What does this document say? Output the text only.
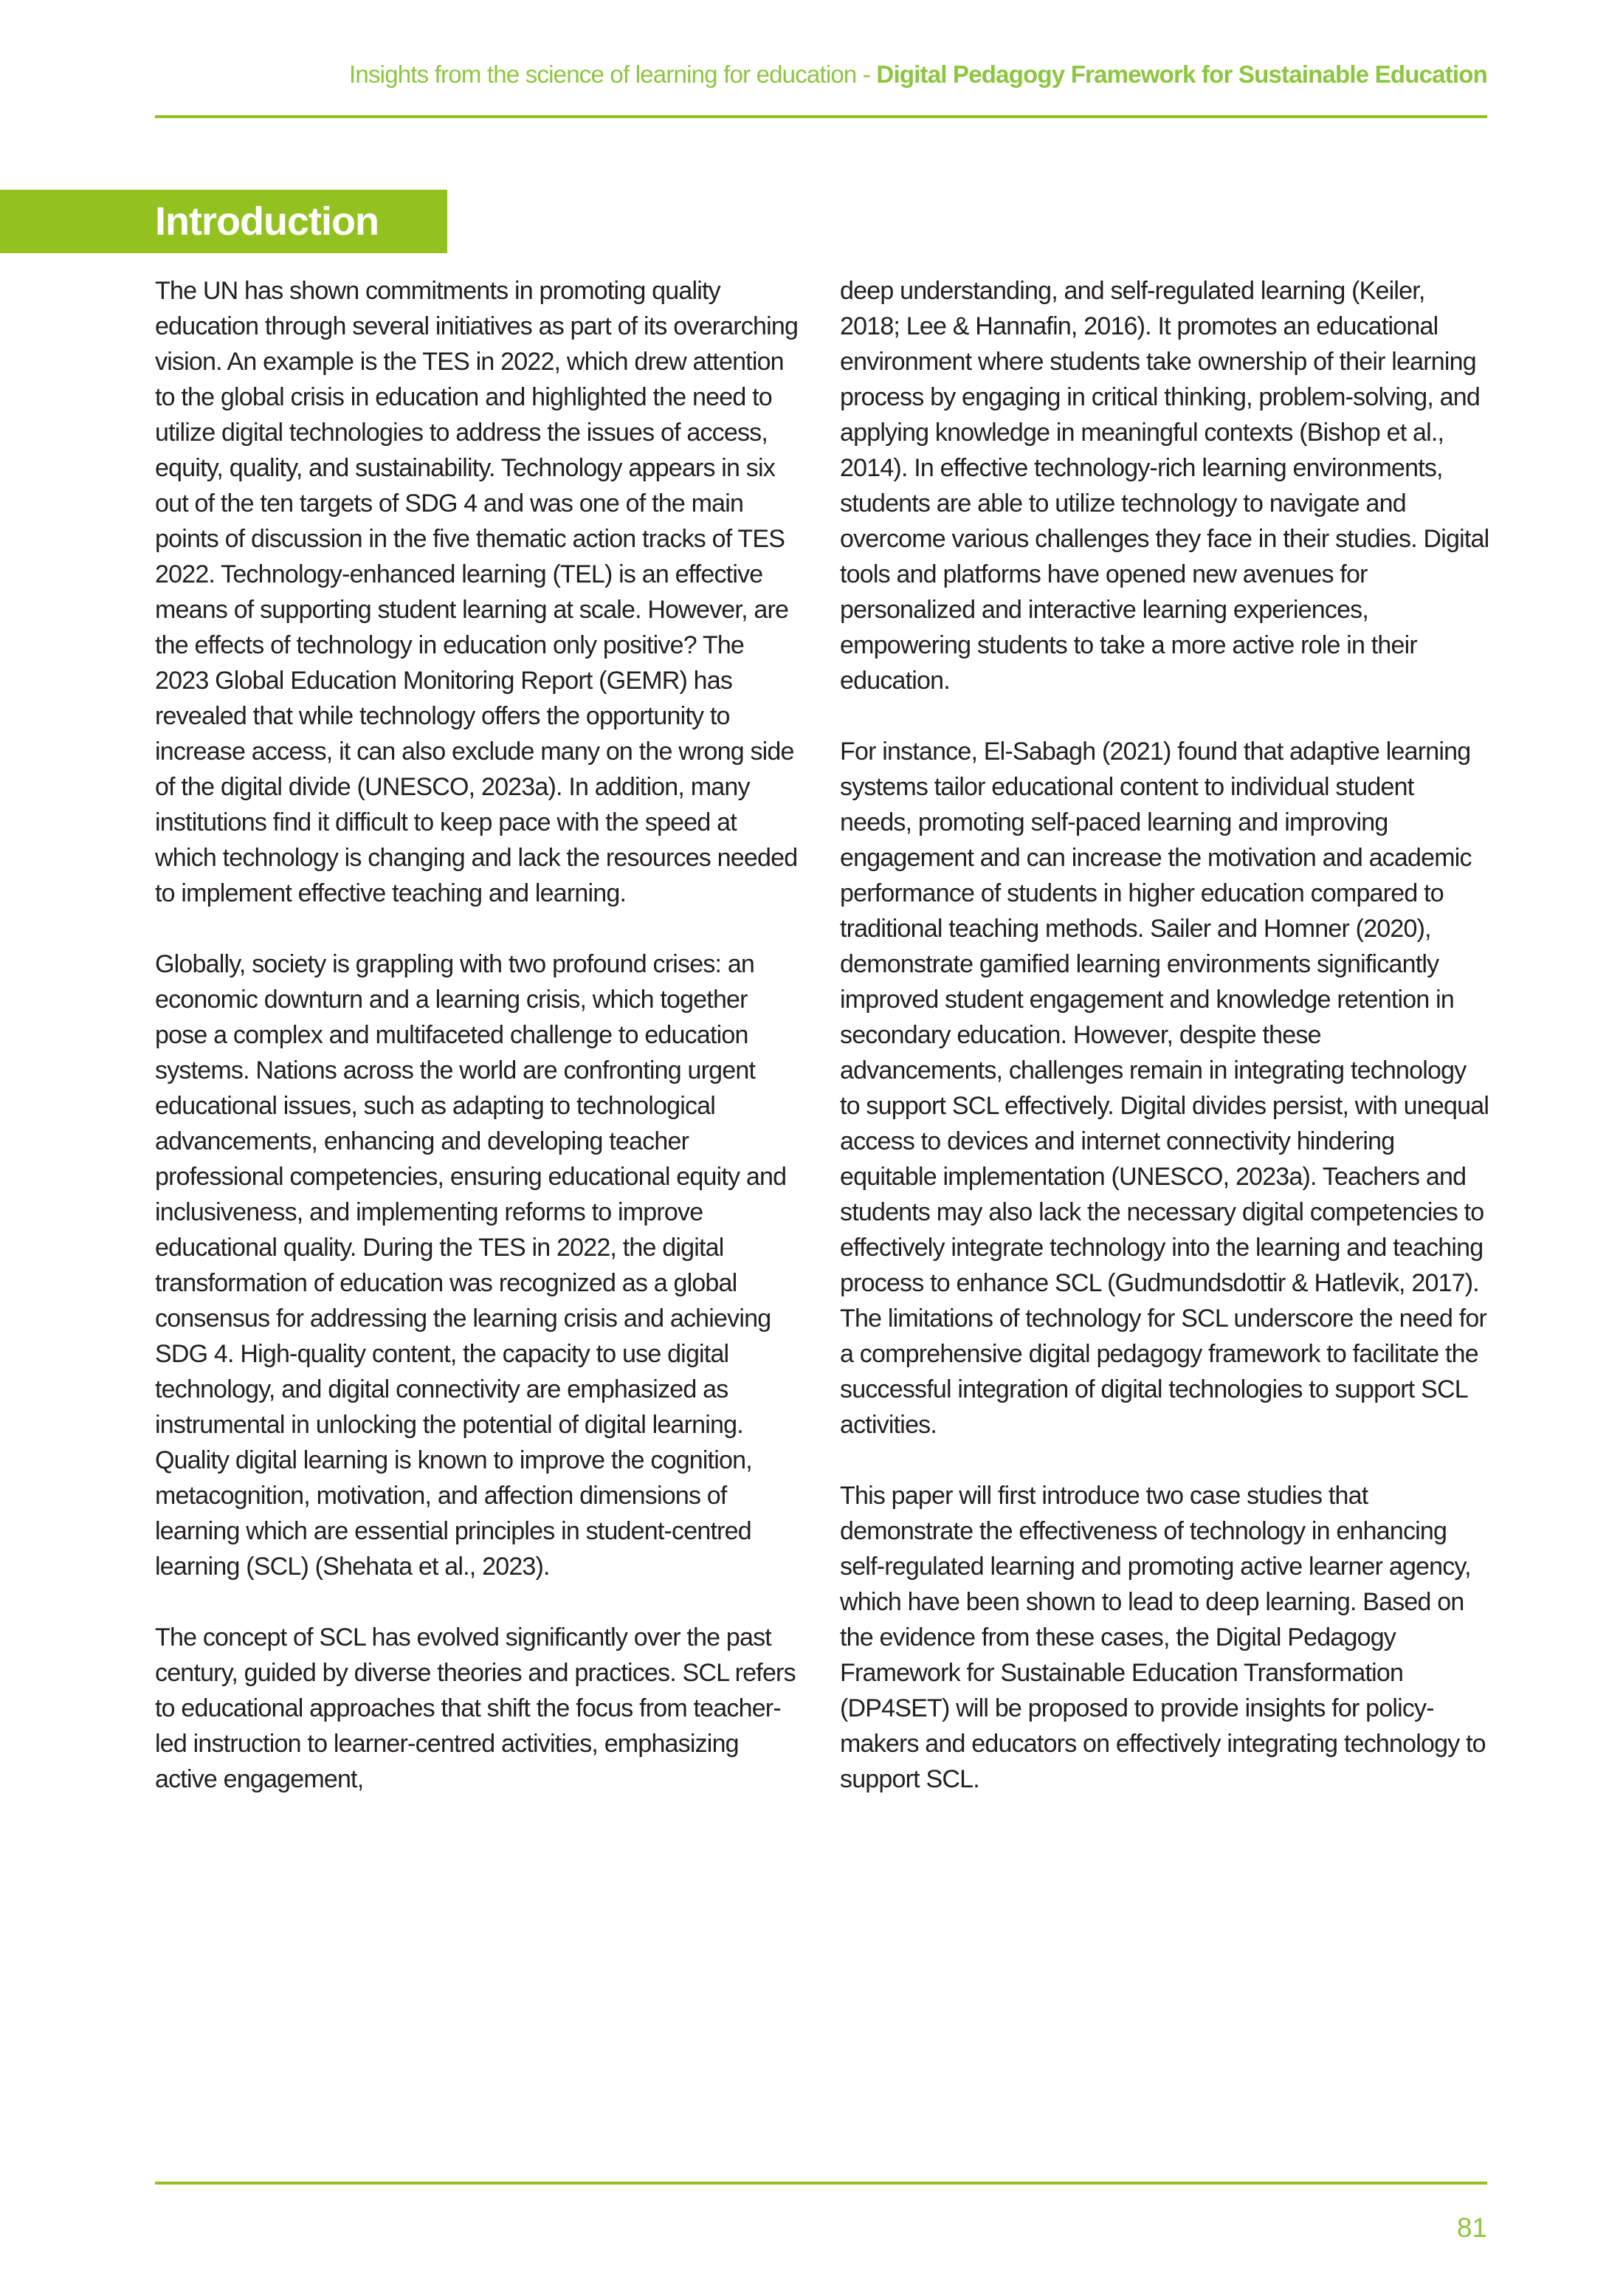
Insights from the science of learning for education - Digital Pedagogy Framework for Sustainable Education
Introduction

The UN has shown commitments in promoting quality education through several initiatives as part of its overarching vision. An example is the TES in 2022, which drew attention to the global crisis in education and highlighted the need to utilize digital technologies to address the issues of access, equity, quality, and sustainability. Technology appears in six out of the ten targets of SDG 4 and was one of the main points of discussion in the five thematic action tracks of TES 2022. Technology-enhanced learning (TEL) is an effective means of supporting student learning at scale. However, are the effects of technology in education only positive? The 2023 Global Education Monitoring Report (GEMR) has revealed that while technology offers the opportunity to increase access, it can also exclude many on the wrong side of the digital divide (UNESCO, 2023a). In addition, many institutions find it difficult to keep pace with the speed at which technology is changing and lack the resources needed to implement effective teaching and learning.

Globally, society is grappling with two profound crises: an economic downturn and a learning crisis, which together pose a complex and multifaceted challenge to education systems. Nations across the world are confronting urgent educational issues, such as adapting to technological advancements, enhancing and developing teacher professional competencies, ensuring educational equity and inclusiveness, and implementing reforms to improve educational quality. During the TES in 2022, the digital transformation of education was recognized as a global consensus for addressing the learning crisis and achieving SDG 4. High-quality content, the capacity to use digital technology, and digital connectivity are emphasized as instrumental in unlocking the potential of digital learning. Quality digital learning is known to improve the cognition, metacognition, motivation, and affection dimensions of learning which are essential principles in student-centred learning (SCL) (Shehata et al., 2023).

The concept of SCL has evolved significantly over the past century, guided by diverse theories and practices. SCL refers to educational approaches that shift the focus from teacher-led instruction to learner-centred activities, emphasizing active engagement,

deep understanding, and self-regulated learning (Keiler, 2018; Lee & Hannafin, 2016). It promotes an educational environment where students take ownership of their learning process by engaging in critical thinking, problem-solving, and applying knowledge in meaningful contexts (Bishop et al., 2014). In effective technology-rich learning environments, students are able to utilize technology to navigate and overcome various challenges they face in their studies. Digital tools and platforms have opened new avenues for personalized and interactive learning experiences, empowering students to take a more active role in their education.

For instance, El-Sabagh (2021) found that adaptive learning systems tailor educational content to individual student needs, promoting self-paced learning and improving engagement and can increase the motivation and academic performance of students in higher education compared to traditional teaching methods. Sailer and Homner (2020), demonstrate gamified learning environments significantly improved student engagement and knowledge retention in secondary education. However, despite these advancements, challenges remain in integrating technology to support SCL effectively. Digital divides persist, with unequal access to devices and internet connectivity hindering equitable implementation (UNESCO, 2023a). Teachers and students may also lack the necessary digital competencies to effectively integrate technology into the learning and teaching process to enhance SCL (Gudmundsdottir & Hatlevik, 2017). The limitations of technology for SCL underscore the need for a comprehensive digital pedagogy framework to facilitate the successful integration of digital technologies to support SCL activities.

This paper will first introduce two case studies that demonstrate the effectiveness of technology in enhancing self-regulated learning and promoting active learner agency, which have been shown to lead to deep learning. Based on the evidence from these cases, the Digital Pedagogy Framework for Sustainable Education Transformation (DP4SET) will be proposed to provide insights for policy-makers and educators on effectively integrating technology to support SCL.

81
